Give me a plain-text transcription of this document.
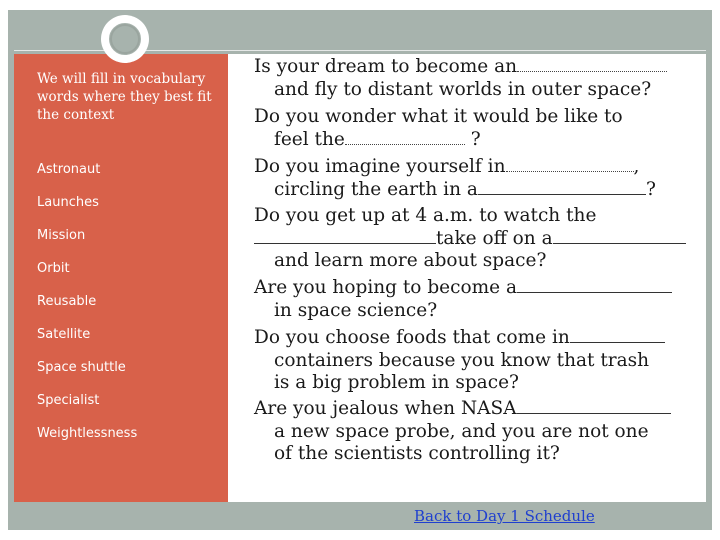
We will fill in vocabulary words where they best fit the context
Astronaut
Launches
Mission
Orbit
Reusable
Satellite
Space shuttle
Specialist
Weightlessness
Is your dream to become an
and fly to distant worlds in outer space?
Do you wonder what it would be like to
feel the	?
Do you imagine yourself in	,
circling the earth in a	?
Do you get up at 4 a.m. to watch the
take off on a
and learn more about space?
Are you hoping to become a
in space science?
Do you choose foods that come in
containers because you know that trash
is a big problem in space?
Are you jealous when NASA
a new space probe, and you are not one
of the scientists controlling it?
Back to Day 1 Schedule
